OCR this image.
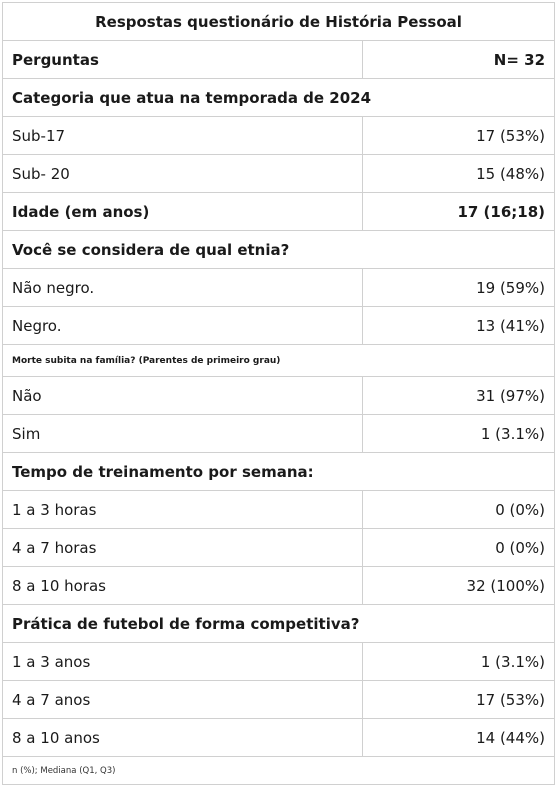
Respostas questionário de História Pessoal	
Perguntas	N= 32
Categoria que atua na temporada de 2024	
Sub-17	17 (53%)
Sub- 20	15 (48%)
Idade (em anos)	17 (16;18)
Você se considera de qual etnia?	
Não negro.	19 (59%)
Negro.	13 (41%)
Morte subita na família? (Parentes de primeiro grau)	
Não	31 (97%)
Sim	1 (3.1%)
Tempo de treinamento por semana:	
1 a 3 horas	0 (0%)
4 a 7 horas	0 (0%)
8 a 10 horas	32 (100%)
Prática de futebol de forma competitiva?	
1 a 3 anos	1 (3.1%)
4 a 7 anos	17 (53%)
8 a 10 anos	14 (44%)
n (%); Mediana (Q1, Q3)	
